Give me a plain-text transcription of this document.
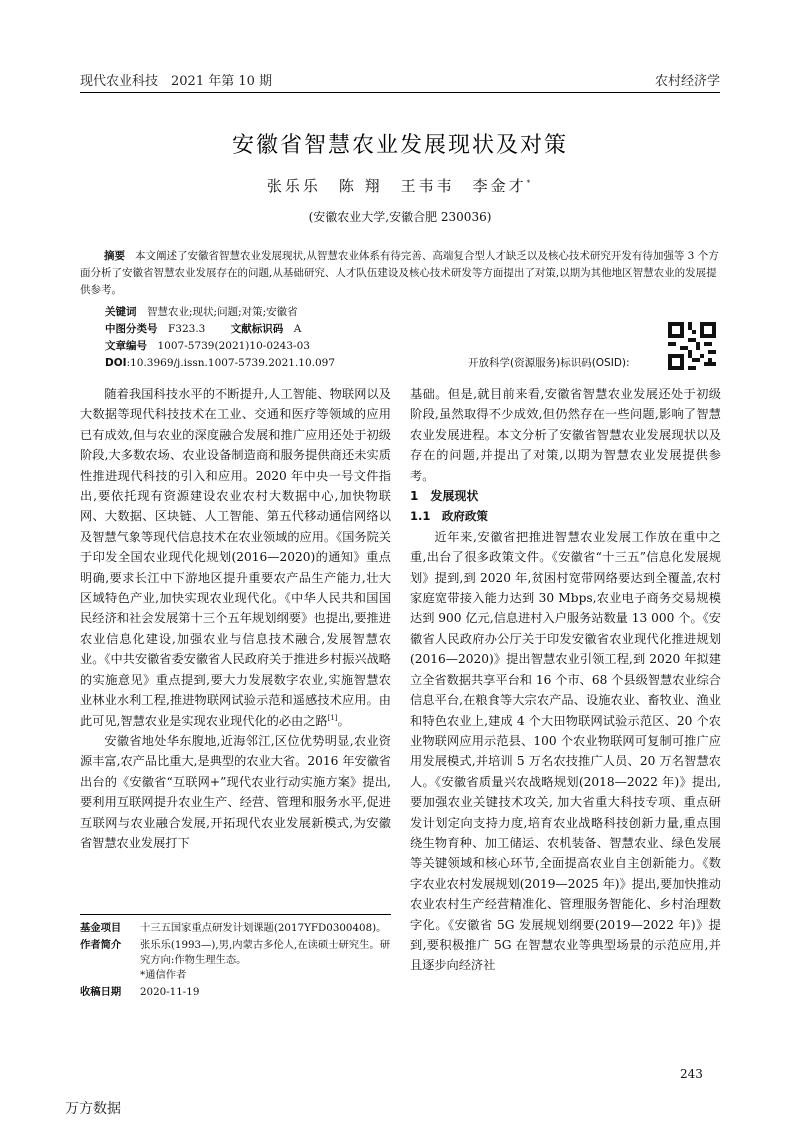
现代农业科技　2021 年第 10 期	农村经济学
安徽省智慧农业发展现状及对策
张乐乐　陈 翔　王韦韦　李金才*
(安徽农业大学,安徽合肥 230036)

摘要 本文阐述了安徽省智慧农业发展现状,从智慧农业体系有待完善、高端复合型人才缺乏以及核心技术研究开发有待加强等 3 个方面分析了安徽省智慧农业发展存在的问题,从基础研究、人才队伍建设及核心技术研发等方面提出了对策,以期为其他地区智慧农业的发展提供参考。

关键词　 智慧农业;现状;问题;对策;安徽省
中图分类号　 F323.3 文献标识码　 A
文章编号　 1007-5739(2021)10-0243-03
DOI:10.3969/j.issn.1007-5739.2021.10.097	开放科学(资源服务)标识码(OSID):

随着我国科技水平的不断提升,人工智能、物联网以及大数据等现代科技技术在工业、交通和医疗等领域的应用已有成效,但与农业的深度融合发展和推广应用还处于初级阶段,大多数农场、农业设备制造商和服务提供商还未实质性推进现代科技的引入和应用。2020 年中央一号文件指出,要依托现有资源建设农业农村大数据中心,加快物联网、大数据、区块链、人工智能、第五代移动通信网络以及智慧气象等现代信息技术在农业领域的应用。《国务院关于印发全国农业现代化规划(2016—2020)的通知》重点明确,要求长江中下游地区提升重要农产品生产能力,壮大区域特色产业,加快实现农业现代化。《中华人民共和国国民经济和社会发展第十三个五年规划纲要》也提出,要推进农业信息化建设,加强农业与信息技术融合,发展智慧农业。《中共安徽省委安徽省人民政府关于推进乡村振兴战略的实施意见》重点提到,要大力发展数字农业,实施智慧农业林业水利工程,推进物联网试验示范和遥感技术应用。由此可见,智慧农业是实现农业现代化的必由之路[1]。

安徽省地处华东腹地,近海邻江,区位优势明显,农业资源丰富,农产品比重大,是典型的农业大省。2016 年安徽省出台的《安徽省“互联网+”现代农业行动实施方案》提出,要利用互联网提升农业生产、经营、管理和服务水平,促进互联网与农业融合发展,开拓现代农业发展新模式,为安徽省智慧农业发展打下

基金项目	十三五国家重点研发计划课题(2017YFD0300408)。
作者简介	张乐乐(1993—),男,内蒙古多伦人,在读硕士研究生。研究方向:作物生理生态。
*通信作者
收稿日期	2020-11-19

基础。但是,就目前来看,安徽省智慧农业发展还处于初级阶段,虽然取得不少成效,但仍然存在一些问题,影响了智慧农业发展进程。本文分析了安徽省智慧农业发展现状以及存在的问题,并提出了对策,以期为智慧农业发展提供参考。

1　发展现状
1.1　政府政策

近年来,安徽省把推进智慧农业发展工作放在重中之重,出台了很多政策文件。《安徽省“十三五”信息化发展规划》提到,到 2020 年,贫困村宽带网络要达到全覆盖,农村家庭宽带接入能力达到 30 Mbps,农业电子商务交易规模达到 900 亿元,信息进村入户服务站数量 13 000 个。《安徽省人民政府办公厅关于印发安徽省农业现代化推进规划(2016—2020)》提出智慧农业引领工程,到 2020 年拟建立全省数据共享平台和 16 个市、68 个县级智慧农业综合信息平台,在粮食等大宗农产品、设施农业、畜牧业、渔业和特色农业上,建成 4 个大田物联网试验示范区、20 个农业物联网应用示范县、100 个农业物联网可复制可推广应用发展模式,并培训 5 万名农技推广人员、20 万名智慧农人。《安徽省质量兴农战略规划(2018—2022 年)》提出,要加强农业关键技术攻关, 加大省重大科技专项、重点研发计划定向支持力度,培育农业战略科技创新力量,重点围绕生物育种、加工储运、农机装备、智慧农业、绿色发展等关键领域和核心环节,全面提高农业自主创新能力。《数字农业农村发展规划(2019—2025 年)》提出,要加快推动农业农村生产经营精准化、管理服务智能化、乡村治理数字化。《安徽省 5G 发展规划纲要(2019—2022 年)》提到,要积极推广 5G 在智慧农业等典型场景的示范应用,并且逐步向经济社

243
万方数据
